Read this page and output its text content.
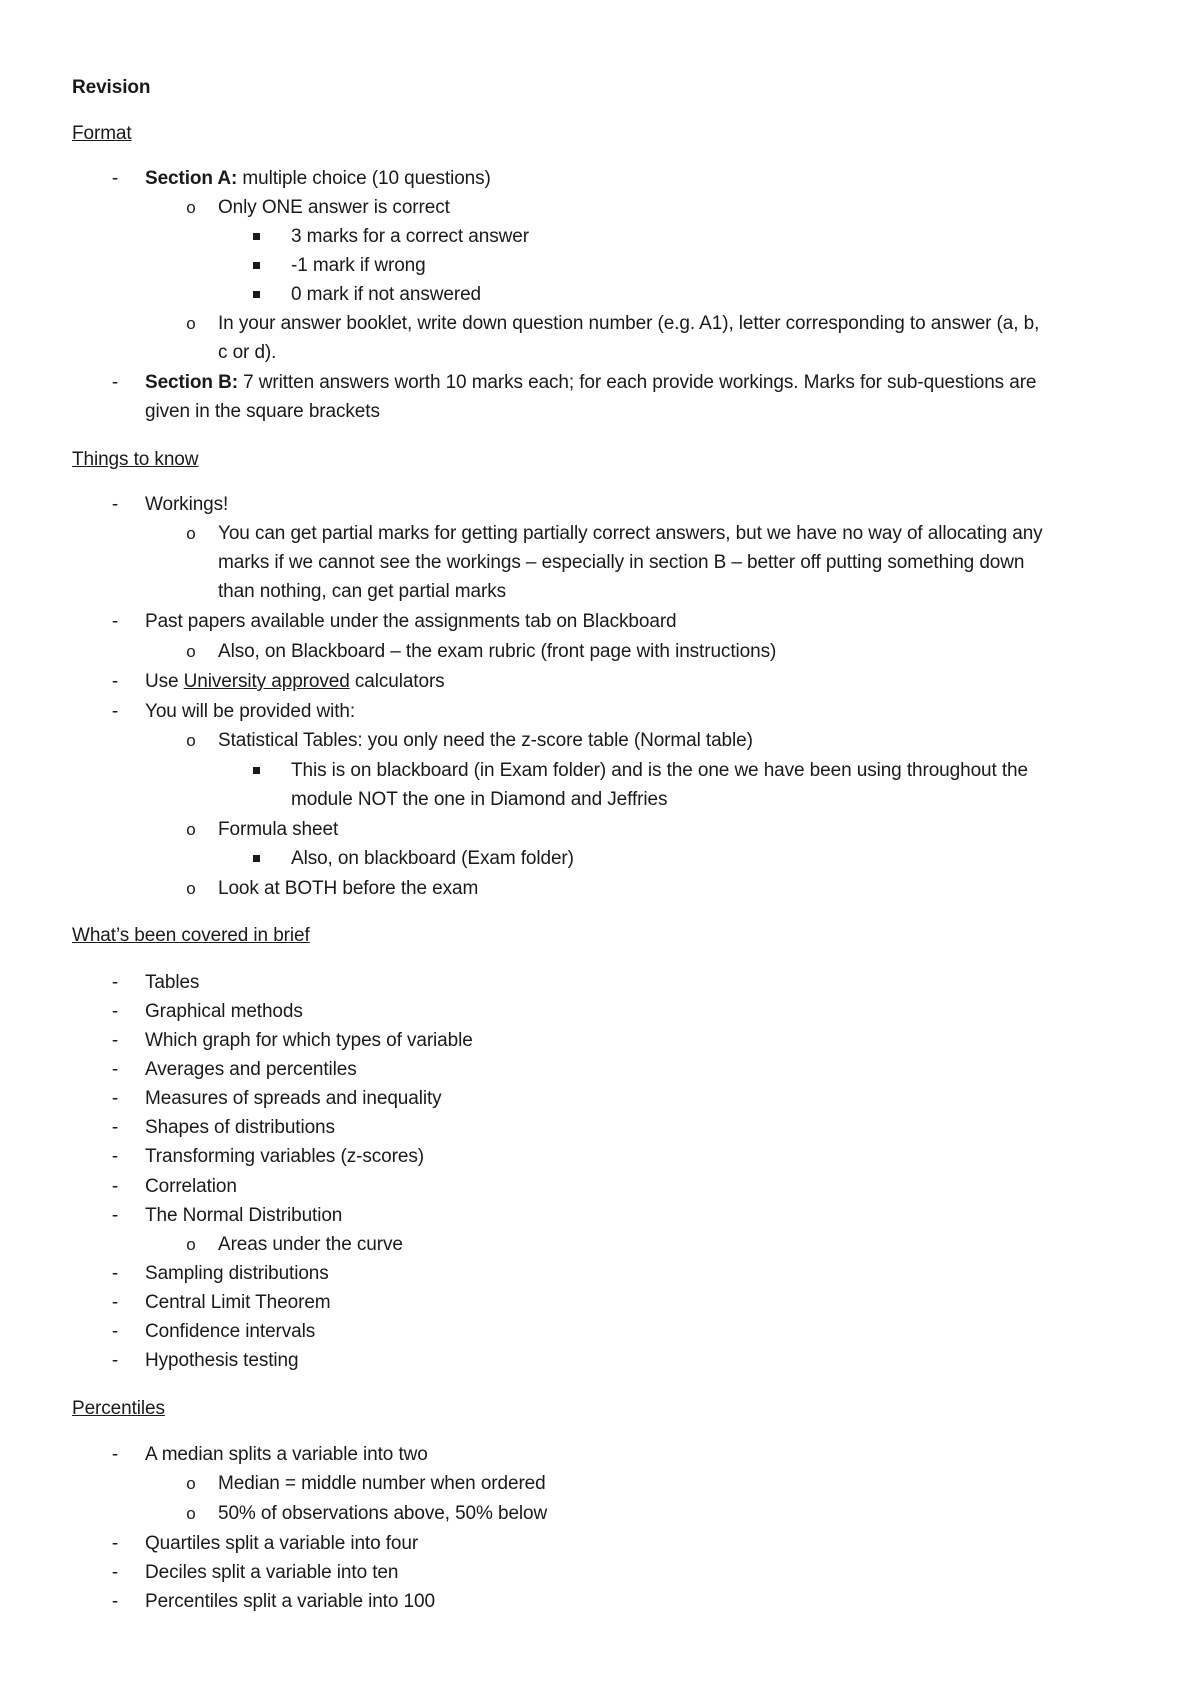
Revision
Format
- Section A: multiple choice (10 questions)
o Only ONE answer is correct
3 marks for a correct answer
-1 mark if wrong
0 mark if not answered
o In your answer booklet, write down question number (e.g. A1), letter corresponding to answer (a, b,
c or d).
- Section B: 7 written answers worth 10 marks each; for each provide workings. Marks for sub-questions are
given in the square brackets
Things to know
- Workings!
o You can get partial marks for getting partially correct answers, but we have no way of allocating any
marks if we cannot see the workings – especially in section B – better off putting something down
than nothing, can get partial marks
- Past papers available under the assignments tab on Blackboard
o Also, on Blackboard – the exam rubric (front page with instructions)
- Use University approved calculators
- You will be provided with:
o Statistical Tables: you only need the z-score table (Normal table)
This is on blackboard (in Exam folder) and is the one we have been using throughout the
module NOT the one in Diamond and Jeffries
o Formula sheet
Also, on blackboard (Exam folder)
o Look at BOTH before the exam
What’s been covered in brief
- Tables
- Graphical methods
- Which graph for which types of variable
- Averages and percentiles
- Measures of spreads and inequality
- Shapes of distributions
- Transforming variables (z-scores)
- Correlation
- The Normal Distribution
o Areas under the curve
- Sampling distributions
- Central Limit Theorem
- Confidence intervals
- Hypothesis testing
Percentiles
- A median splits a variable into two
o Median = middle number when ordered
o 50% of observations above, 50% below
- Quartiles split a variable into four
- Deciles split a variable into ten
- Percentiles split a variable into 100
